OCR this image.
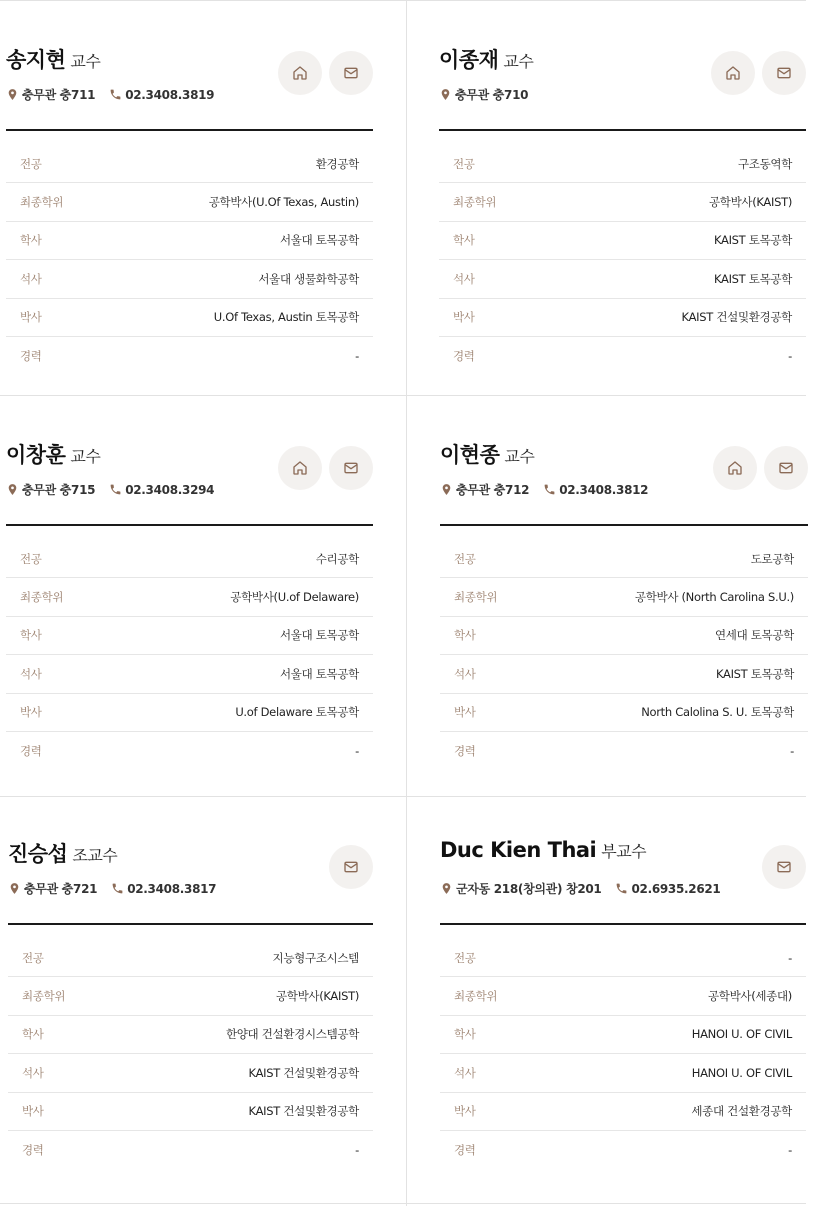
송지현 교수
충무관 충711	02.3408.3819
전공	환경공학
최종학위	공학박사(U.Of Texas, Austin)
학사	서울대 토목공학
석사	서울대 생물화학공학
박사	U.Of Texas, Austin 토목공학
경력	-
이종재 교수
충무관 충710
전공	구조동역학
최종학위	공학박사(KAIST)
학사	KAIST 토목공학
석사	KAIST 토목공학
박사	KAIST 건설및환경공학
경력	-
이창훈 교수
충무관 충715	02.3408.3294
전공	수리공학
최종학위	공학박사(U.of Delaware)
학사	서울대 토목공학
석사	서울대 토목공학
박사	U.of Delaware 토목공학
경력	-
이현종 교수
충무관 충712	02.3408.3812
전공	도로공학
최종학위	공학박사 (North Carolina S.U.)
학사	연세대 토목공학
석사	KAIST 토목공학
박사	North Calolina S. U. 토목공학
경력	-
진승섭 조교수
충무관 충721	02.3408.3817
전공	지능형구조시스템
최종학위	공학박사(KAIST)
학사	한양대 건설환경시스템공학
석사	KAIST 건설및환경공학
박사	KAIST 건설및환경공학
경력	-
Duc Kien Thai 부교수
군자동 218(창의관) 창201	02.6935.2621
전공	-
최종학위	공학박사(세종대)
학사	HANOI U. OF CIVIL
석사	HANOI U. OF CIVIL
박사	세종대 건설환경공학
경력	-
